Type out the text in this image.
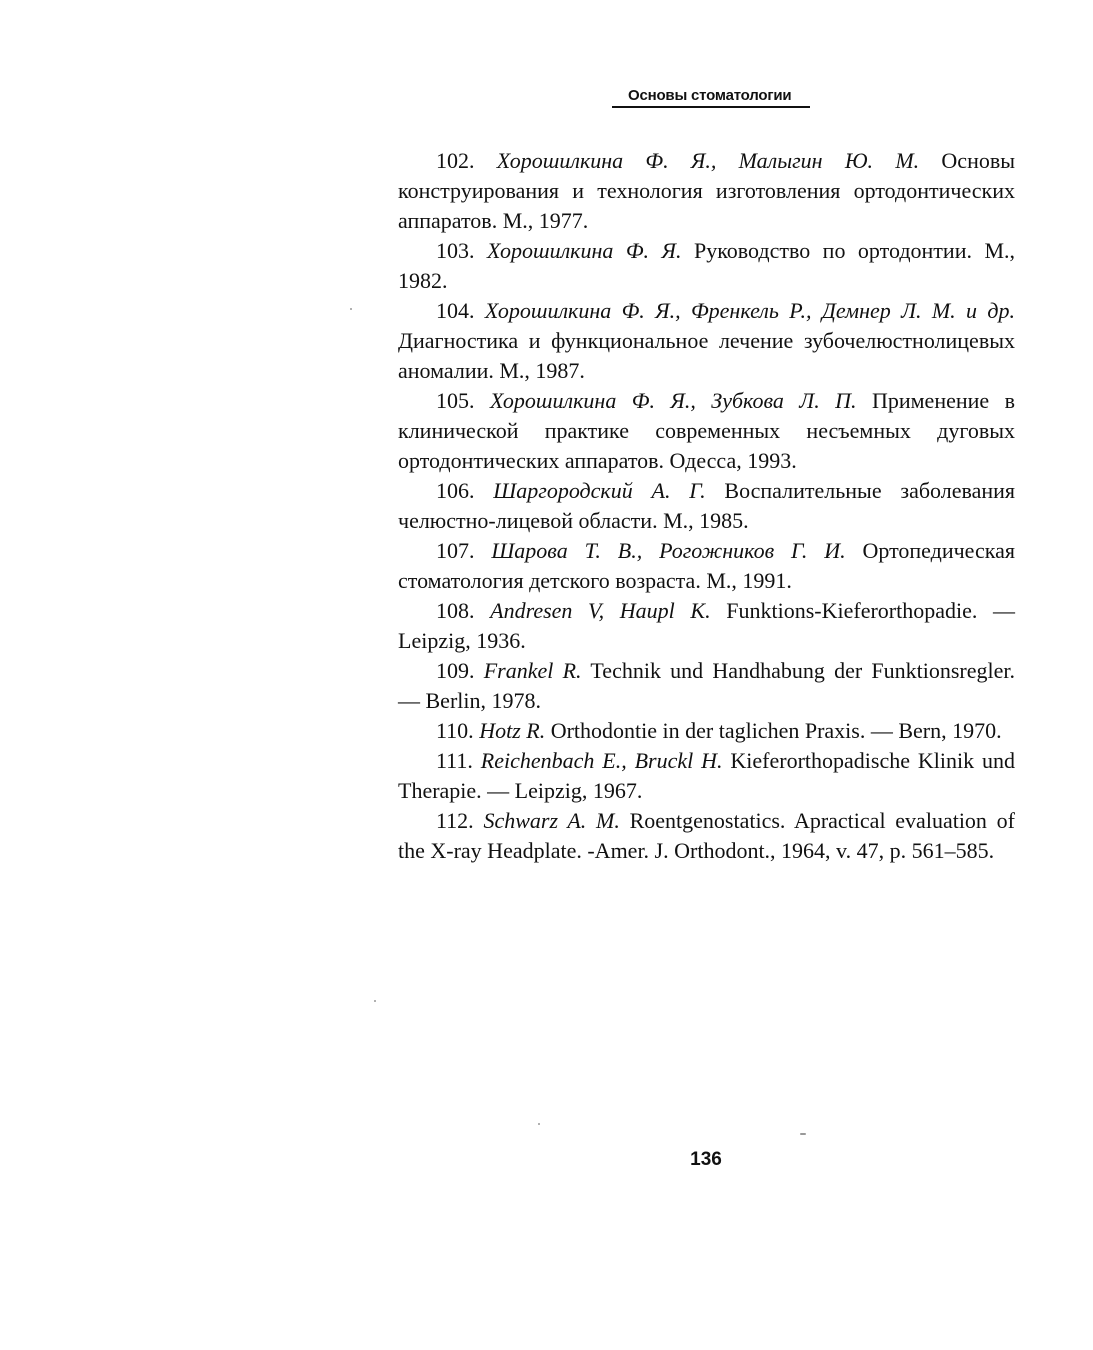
Основы стоматологии

102. Хорошилкина Ф. Я., Малыгин Ю. М. Основы конструирования и технология изготовления ортодонтических аппаратов. М., 1977.

103. Хорошилкина Ф. Я. Руководство по ортодонтии. М., 1982.

104. Хорошилкина Ф. Я., Френкель Р., Демнер Л. М. и др. Диагностика и функциональное лечение зубочелюстнолицевых аномалии. М., 1987.

105. Хорошилкина Ф. Я., Зубкова Л. П. Применение в клинической практике современных несъемных дуговых ортодонтических аппаратов. Одесса, 1993.

106. Шаргородский А. Г. Воспалительные заболевания челюстно-лицевой области. М., 1985.

107. Шарова Т. В., Рогожников Г. И. Ортопедическая стоматология детского возраста. М., 1991.

108. Andresen V, Haupl K. Funktions-Kieferorthopadie. — Leipzig, 1936.

109. Frankel R. Technik und Handhabung der Funktionsregler. — Berlin, 1978.

110. Hotz R. Orthodontie in der taglichen Praxis. — Bern, 1970.

111. Reichenbach E., Bruckl H. Kieferorthopadische Klinik und Therapie. — Leipzig, 1967.

112. Schwarz A. M. Roentgenostatics. Apractical evaluation of the X-ray Headplate. -Amer. J. Orthodont., 1964, v. 47, p. 561–585.

136
